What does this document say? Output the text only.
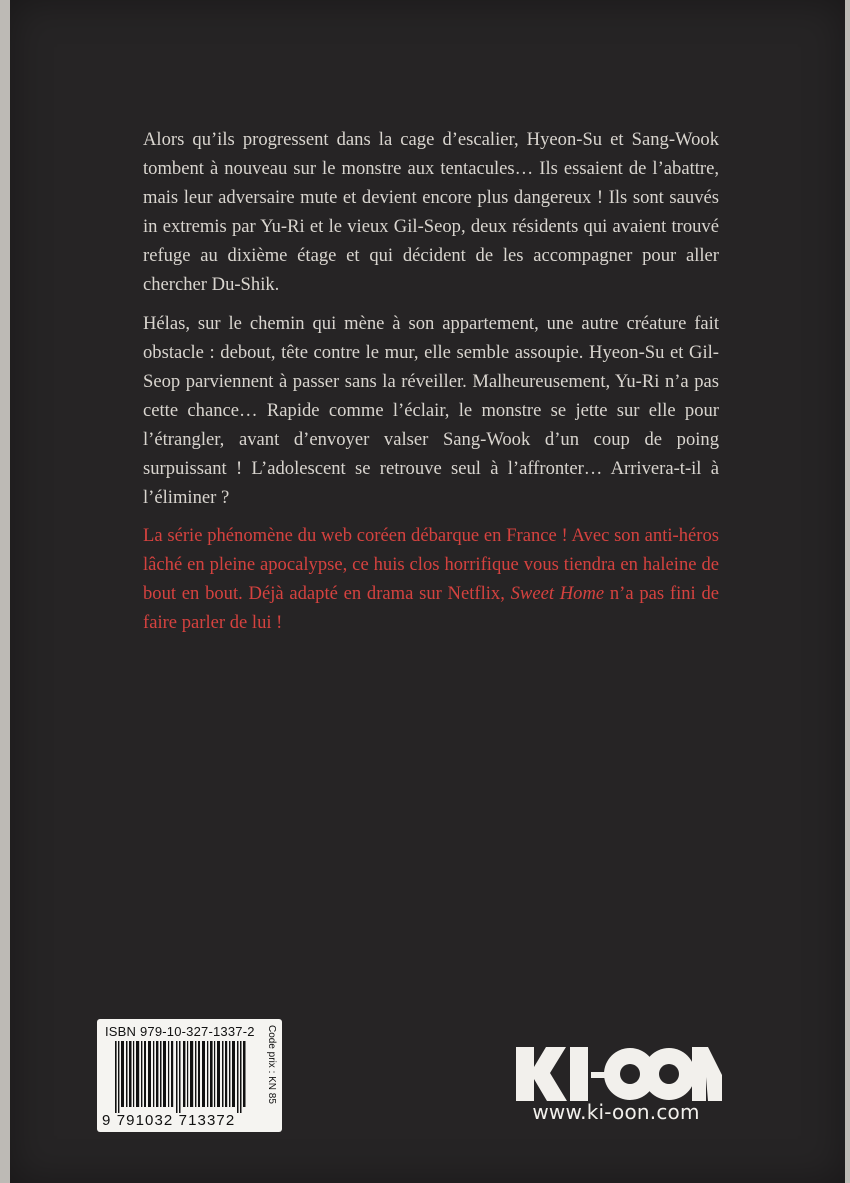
Alors qu’ils progressent dans la cage d’escalier, Hyeon-Su et Sang-Wook tombent à nouveau sur le monstre aux tentacules… Ils essaient de l’abattre, mais leur adversaire mute et devient encore plus dangereux ! Ils sont sauvés in extremis par Yu-Ri et le vieux Gil-Seop, deux résidents qui avaient trouvé refuge au dixième étage et qui décident de les accompagner pour aller chercher Du-Shik.

Hélas, sur le chemin qui mène à son appartement, une autre créature fait obstacle : debout, tête contre le mur, elle semble assoupie. Hyeon-Su et Gil-Seop parviennent à passer sans la réveiller. Malheureusement, Yu-Ri n’a pas cette chance… Rapide comme l’éclair, le monstre se jette sur elle pour l’étrangler, avant d’envoyer valser Sang-Wook d’un coup de poing surpuissant ! L’adolescent se retrouve seul à l’affronter… Arrivera-t-il à l’éliminer ?

La série phénomène du web coréen débarque en France ! Avec son anti-héros lâché en pleine apocalypse, ce huis clos horrifique vous tiendra en haleine de bout en bout. Déjà adapté en drama sur Netflix, Sweet Home n’a pas fini de faire parler de lui !

ISBN 979-10-327-1337-2
9 791032 713372
Code prix : KN 85
www.ki-oon.com
